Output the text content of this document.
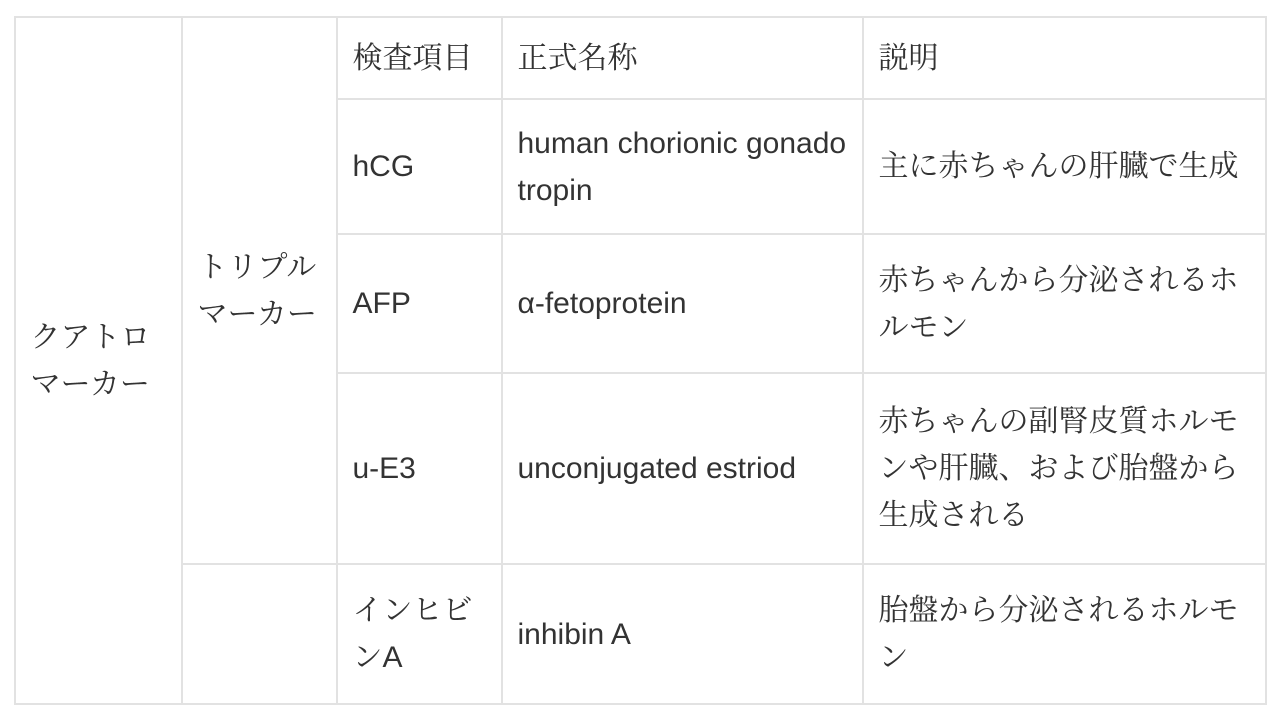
クアトロマーカー	トリプルマーカー	検査項目	正式名称	説明
		hCG	human chorionic gonadotropin	主に赤ちゃんの肝臓で生成
		AFP	α-fetoprotein	赤ちゃんから分泌されるホルモン
		u-E3	unconjugated estriod	赤ちゃんの副腎皮質ホルモンや肝臓、および胎盤から生成される
		インヒビンA	inhibin A	胎盤から分泌されるホルモン
